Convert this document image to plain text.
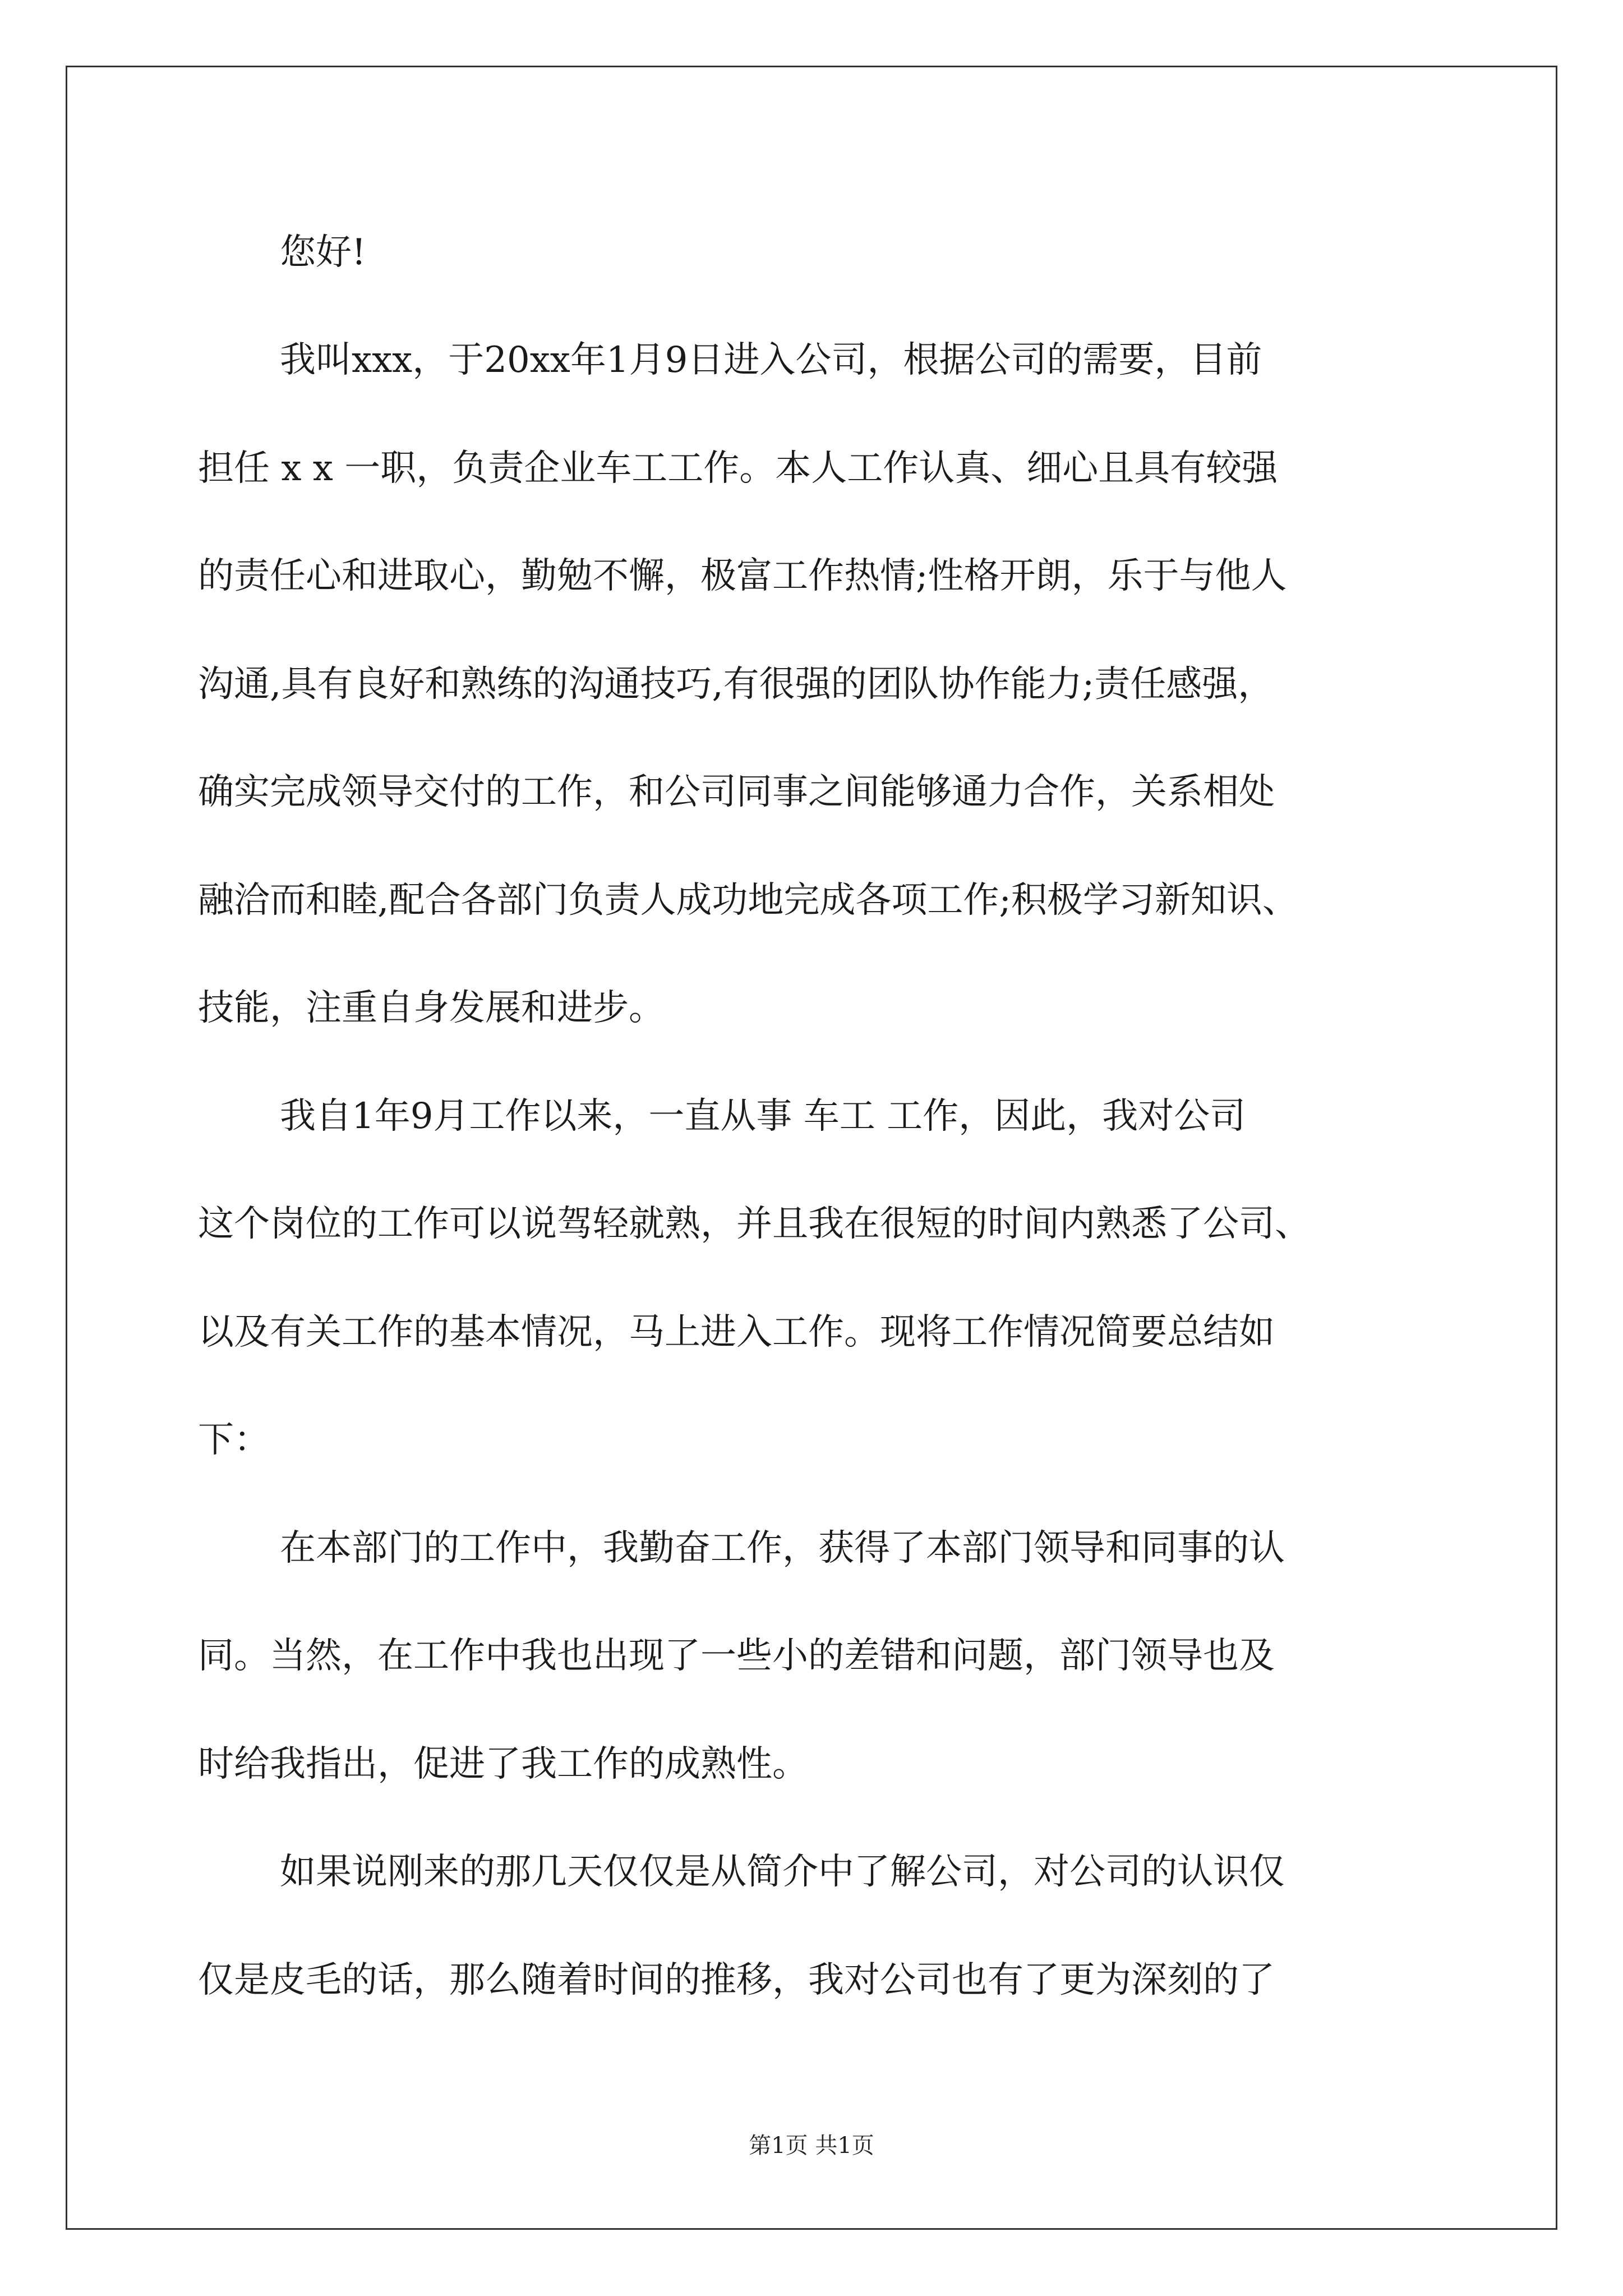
您好!
我叫xxx，于20xx年1月9日进入公司，根据公司的需要，目前
担任 x x 一职，负责企业车工工作。本人工作认真、细心且具有较强
的责任心和进取心，勤勉不懈，极富工作热情;性格开朗，乐于与他人
沟通,具有良好和熟练的沟通技巧,有很强的团队协作能力;责任感强，
确实完成领导交付的工作，和公司同事之间能够通力合作，关系相处
融洽而和睦,配合各部门负责人成功地完成各项工作;积极学习新知识、
技能，注重自身发展和进步。
我自1年9月工作以来，一直从事 车工 工作，因此，我对公司
这个岗位的工作可以说驾轻就熟，并且我在很短的时间内熟悉了公司、
以及有关工作的基本情况，马上进入工作。现将工作情况简要总结如
下：
在本部门的工作中，我勤奋工作，获得了本部门领导和同事的认
同。当然，在工作中我也出现了一些小的差错和问题，部门领导也及
时给我指出，促进了我工作的成熟性。
如果说刚来的那几天仅仅是从简介中了解公司，对公司的认识仅
仅是皮毛的话，那么随着时间的推移，我对公司也有了更为深刻的了
第1页 共1页
